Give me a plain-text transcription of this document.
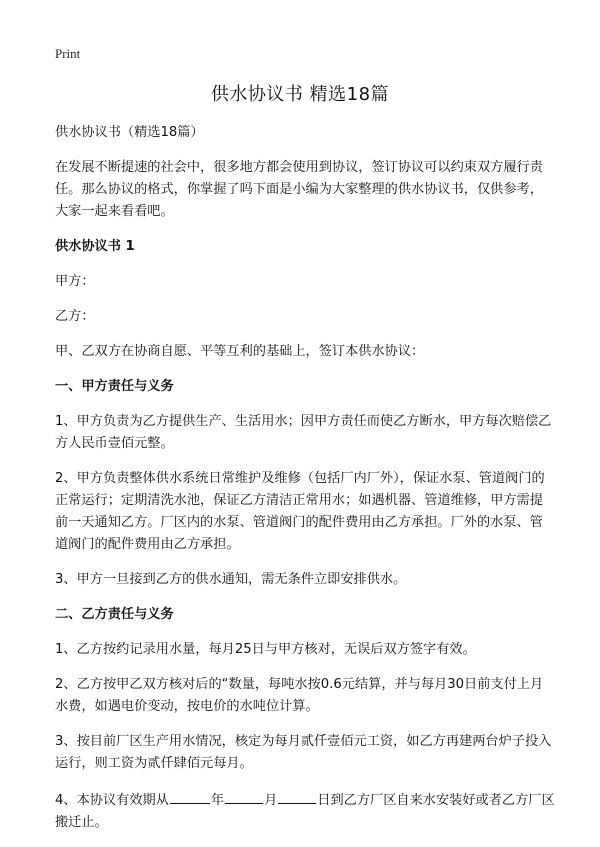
Print
供水协议书 精选18篇

供水协议书（精选18篇）

在发展不断提速的社会中，很多地方都会使用到协议，签订协议可以约束双方履行责任。那么协议的格式，你掌握了吗下面是小编为大家整理的供水协议书，仅供参考，大家一起来看看吧。

供水协议书 1

甲方：

乙方：

甲、乙双方在协商自愿、平等互利的基础上，签订本供水协议：

一、甲方责任与义务

1、甲方负责为乙方提供生产、生活用水；因甲方责任而使乙方断水，甲方每次赔偿乙方人民币壹佰元整。

2、甲方负责整体供水系统日常维护及维修（包括厂内厂外），保证水泵、管道阀门的正常运行；定期清洗水池，保证乙方清洁正常用水；如遇机器、管道维修，甲方需提前一天通知乙方。厂区内的水泵、管道阀门的配件费用由乙方承担。厂外的水泵、管道阀门的配件费用由乙方承担。

3、甲方一旦接到乙方的供水通知，需无条件立即安排供水。

二、乙方责任与义务

1、乙方按约记录用水量，每月25日与甲方核对，无误后双方签字有效。

2、乙方按甲乙双方核对后的“数量，每吨水按0.6元结算，并与每月30日前支付上月水费，如遇电价变动，按电价的水吨位计算。

3、按目前厂区生产用水情况，核定为每月贰仟壹佰元工资，如乙方再建两台炉子投入运行，则工资为贰仟肆佰元每月。

4、本协议有效期从	年	月	日到乙方厂区自来水安装好或者乙方厂区搬迁止。
